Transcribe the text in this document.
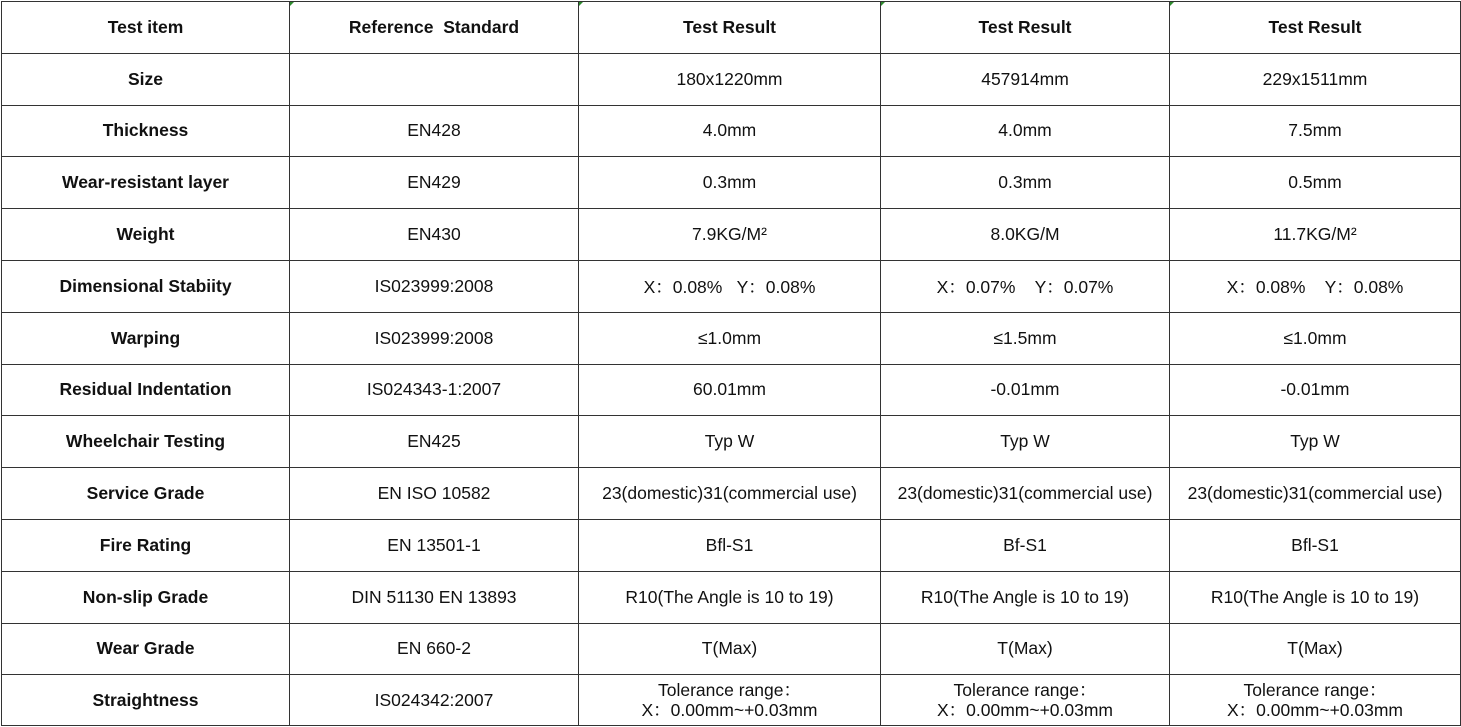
Test item	Reference  Standard	Test Result	Test Result	Test Result
Size		180x1220mm	457914mm	229x1511mm
Thickness	EN428	4.0mm	4.0mm	7.5mm
Wear-resistant layer	EN429	0.3mm	0.3mm	0.5mm
Weight	EN430	7.9KG/M²	8.0KG/M	11.7KG/M²
Dimensional Stabiity	IS023999:2008	X：0.08%   Y：0.08%	X：0.07%    Y：0.07%	X：0.08%    Y：0.08%
Warping	IS023999:2008	≤1.0mm	≤1.5mm	≤1.0mm
Residual Indentation	IS024343-1:2007	60.01mm	-0.01mm	-0.01mm
Wheelchair Testing	EN425	Typ W	Typ W	Typ W
Service Grade	EN ISO 10582	23(domestic)31(commercial use)	23(domestic)31(commercial use)	23(domestic)31(commercial use)
Fire Rating	EN 13501-1	Bfl-S1	Bf-S1	Bfl-S1
Non-slip Grade	DIN 51130 EN 13893	R10(The Angle is 10 to 19)	R10(The Angle is 10 to 19)	R10(The Angle is 10 to 19)
Wear Grade	EN 660-2	T(Max)	T(Max)	T(Max)
Straightness	IS024342:2007	Tolerance range：
X：0.00mm~+0.03mm	Tolerance range：
X：0.00mm~+0.03mm	Tolerance range：
X：0.00mm~+0.03mm
